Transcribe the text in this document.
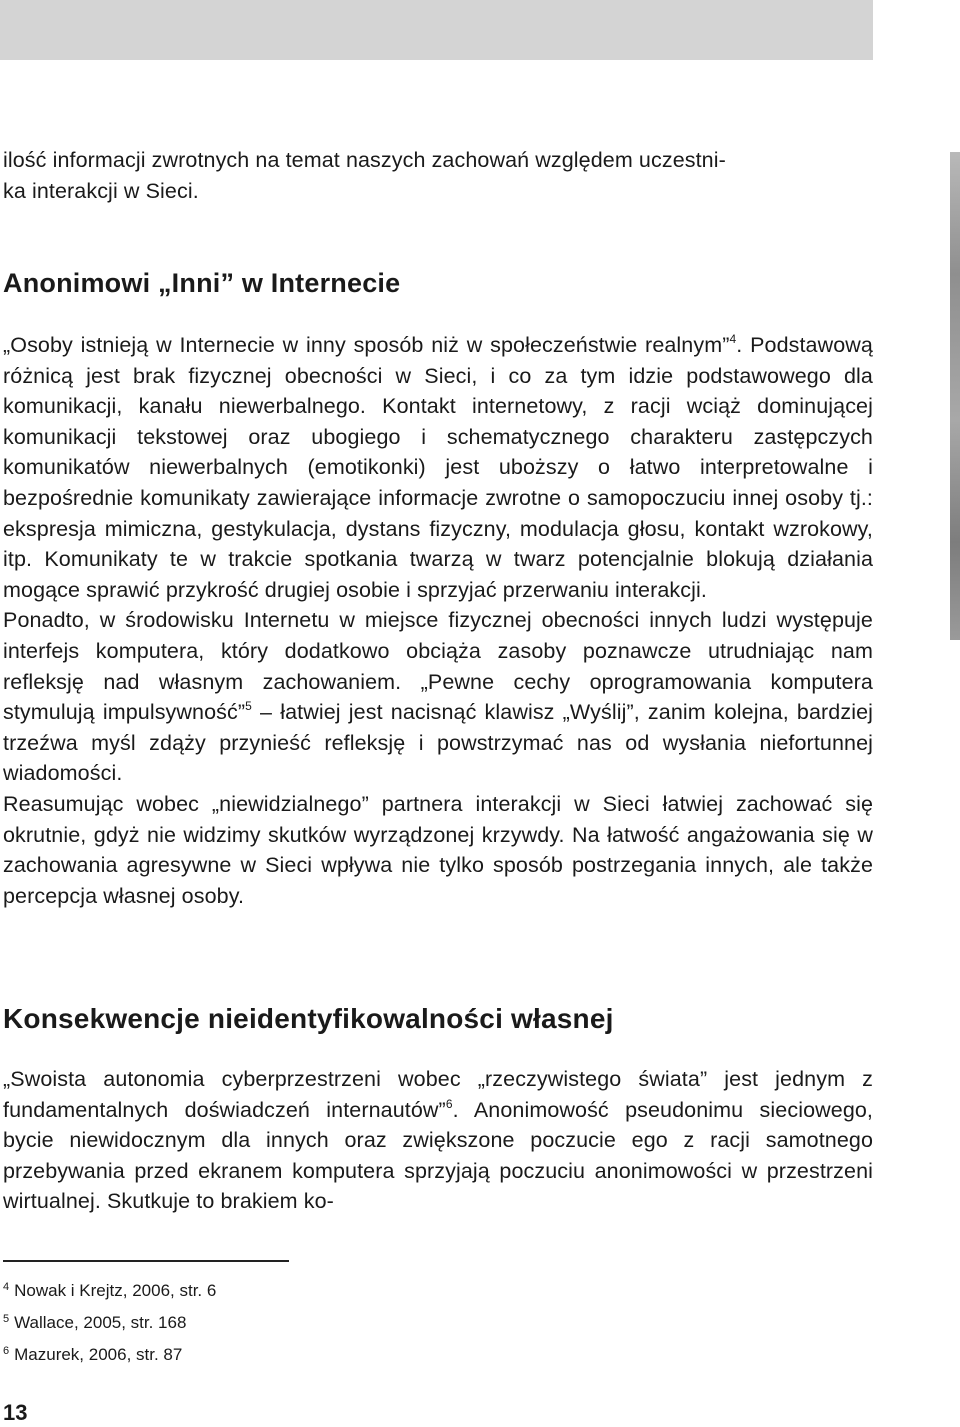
ilość informacji zwrotnych na temat naszych zachowań względem uczestni-
ka interakcji w Sieci.
Anonimowi „Inni” w Internecie

„Osoby istnieją w Internecie w inny sposób niż w społeczeństwie realnym”$^4$. Podstawową różnicą jest brak fizycznej obecności w Sieci, i co za tym idzie podstawowego dla komunikacji, kanału niewerbalnego. Kontakt internetowy, z racji wciąż dominującej komunikacji tekstowej oraz ubogiego i schematycznego charakteru zastępczych komunikatów niewerbalnych (emotikonki) jest uboższy o łatwo interpretowalne i bezpośrednie komunikaty zawierające informacje zwrotne o samopoczuciu innej osoby tj.: ekspresja mimiczna, gestykulacja, dystans fizyczny, modulacja głosu, kontakt wzrokowy, itp. Komunikaty te w trakcie spotkania twarzą w twarz potencjalnie blokują działania mogące sprawić przykrość drugiej osobie i sprzyjać przerwaniu interakcji.

Ponadto, w środowisku Internetu w miejsce fizycznej obecności innych ludzi występuje interfejs komputera, który dodatkowo obciąża zasoby poznawcze utrudniając nam refleksję nad własnym zachowaniem. „Pewne cechy oprogramowania komputera stymulują impulsywność”$^5$ – łatwiej jest nacisnąć klawisz „Wyślij”, zanim kolejna, bardziej trzeźwa myśl zdąży przynieść refleksję i powstrzymać nas od wysłania niefortunnej wiadomości.

Reasumując wobec „niewidzialnego” partnera interakcji w Sieci łatwiej zachować się okrutnie, gdyż nie widzimy skutków wyrządzonej krzywdy. Na łatwość angażowania się w zachowania agresywne w Sieci wpływa nie tylko sposób postrzegania innych, ale także percepcja własnej osoby.

Konsekwencje nieidentyfikowalności własnej

„Swoista autonomia cyberprzestrzeni wobec „rzeczywistego świata” jest jednym z fundamentalnych doświadczeń internautów”$^6$. Anonimowość pseudonimu sieciowego, bycie niewidocznym dla innych oraz zwiększone poczucie ego z racji samotnego przebywania przed ekranem komputera sprzyjają poczuciu anonimowości w przestrzeni wirtualnej. Skutkuje to brakiem ko-

$^4$ Nowak i Krejtz, 2006, str. 6
$^5$ Wallace, 2005, str. 168
$^6$ Mazurek, 2006, str. 87
13
